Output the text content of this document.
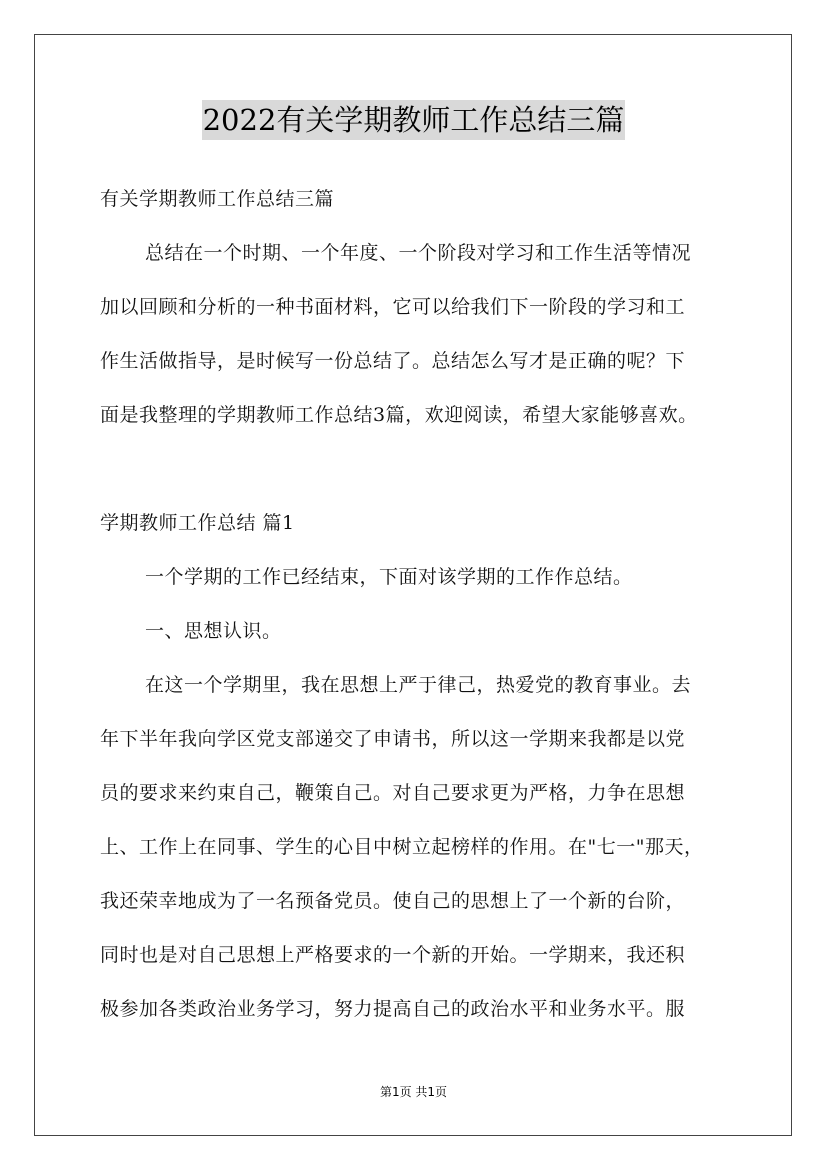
2022有关学期教师工作总结三篇
有关学期教师工作总结三篇
总结在一个时期、一个年度、一个阶段对学习和工作生活等情况
加以回顾和分析的一种书面材料，它可以给我们下一阶段的学习和工
作生活做指导，是时候写一份总结了。总结怎么写才是正确的呢？下
面是我整理的学期教师工作总结3篇，欢迎阅读，希望大家能够喜欢。
学期教师工作总结 篇1
一个学期的工作已经结束，下面对该学期的工作作总结。
一、思想认识。
在这一个学期里，我在思想上严于律己，热爱党的教育事业。去
年下半年我向学区党支部递交了申请书，所以这一学期来我都是以党
员的要求来约束自己，鞭策自己。对自己要求更为严格，力争在思想
上、工作上在同事、学生的心目中树立起榜样的作用。在"七一"那天，
我还荣幸地成为了一名预备党员。使自己的思想上了一个新的台阶，
同时也是对自己思想上严格要求的一个新的开始。一学期来，我还积
极参加各类政治业务学习，努力提高自己的政治水平和业务水平。服
第1页 共1页
